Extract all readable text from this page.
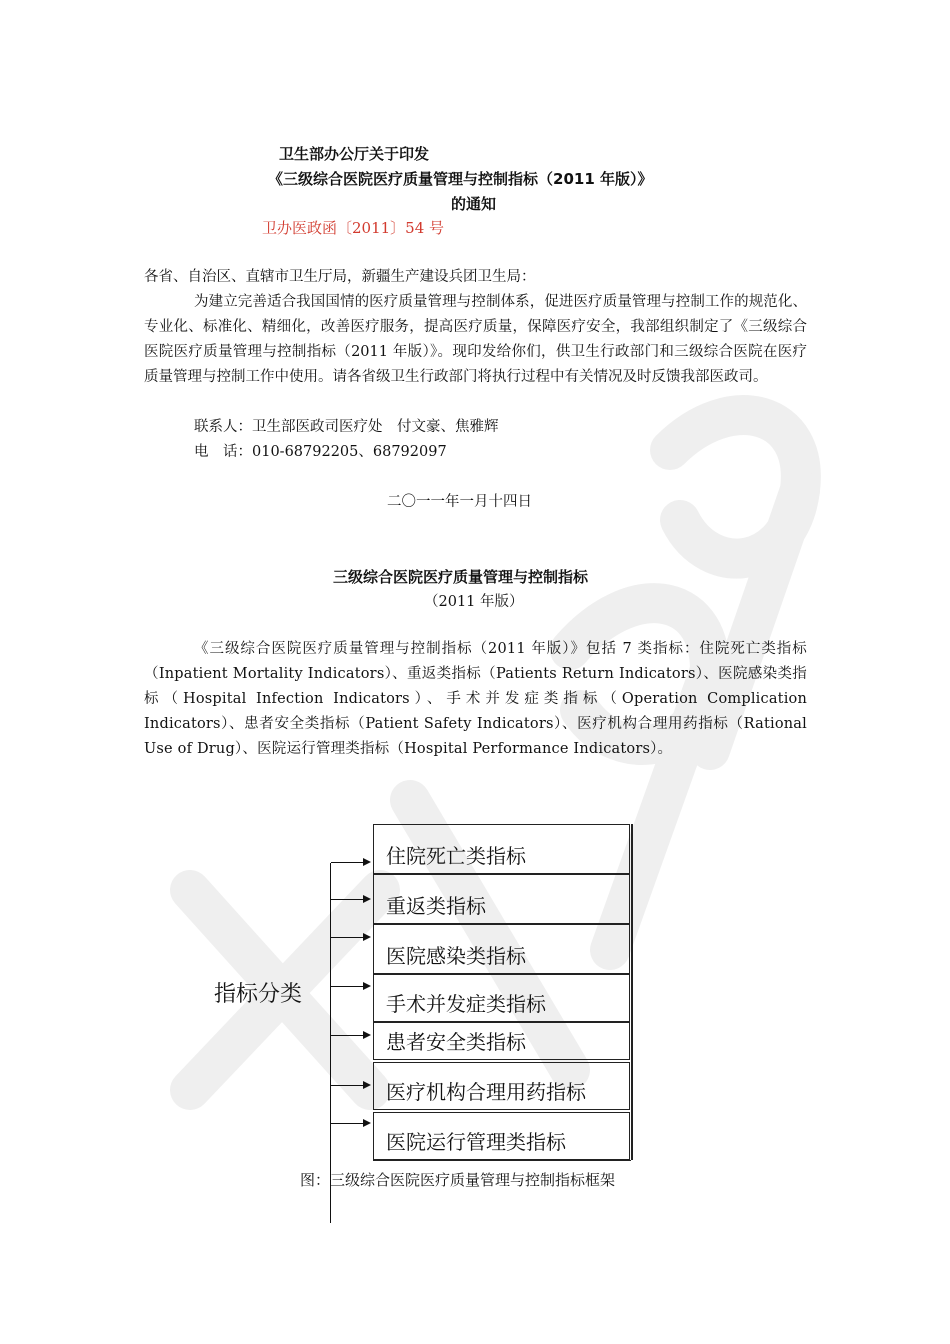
卫生部办公厅关于印发
《三级综合医院医疗质量管理与控制指标（2011 年版）》
的通知
卫办医政函〔2011〕54 号
各省、自治区、直辖市卫生厅局，新疆生产建设兵团卫生局：
为建立完善适合我国国情的医疗质量管理与控制体系，促进医疗质量管理与控制工作的规范化、专业化、标准化、精细化，改善医疗服务，提高医疗质量，保障医疗安全，我部组织制定了《三级综合医院医疗质量管理与控制指标（2011 年版）》。现印发给你们，供卫生行政部门和三级综合医院在医疗质量管理与控制工作中使用。请各省级卫生行政部门将执行过程中有关情况及时反馈我部医政司。
联系人：卫生部医政司医疗处　付文豪、焦雅辉
电　话：010-68792205、68792097
二〇一一年一月十四日
三级综合医院医疗质量管理与控制指标
（2011 年版）
《三级综合医院医疗质量管理与控制指标（2011 年版）》包括 7 类指标：住院死亡类指标（Inpatient Mortality Indicators）、重返类指标（Patients Return Indicators）、医院感染类指标（Hospital Infection Indicators）、手术并发症类指标（Operation Complication Indicators）、患者安全类指标（Patient Safety Indicators）、医疗机构合理用药指标（Rational Use of Drug）、医院运行管理类指标（Hospital Performance Indicators）。
指标分类
住院死亡类指标
重返类指标
医院感染类指标
手术并发症类指标
患者安全类指标
医疗机构合理用药指标
医院运行管理类指标
图：三级综合医院医疗质量管理与控制指标框架
